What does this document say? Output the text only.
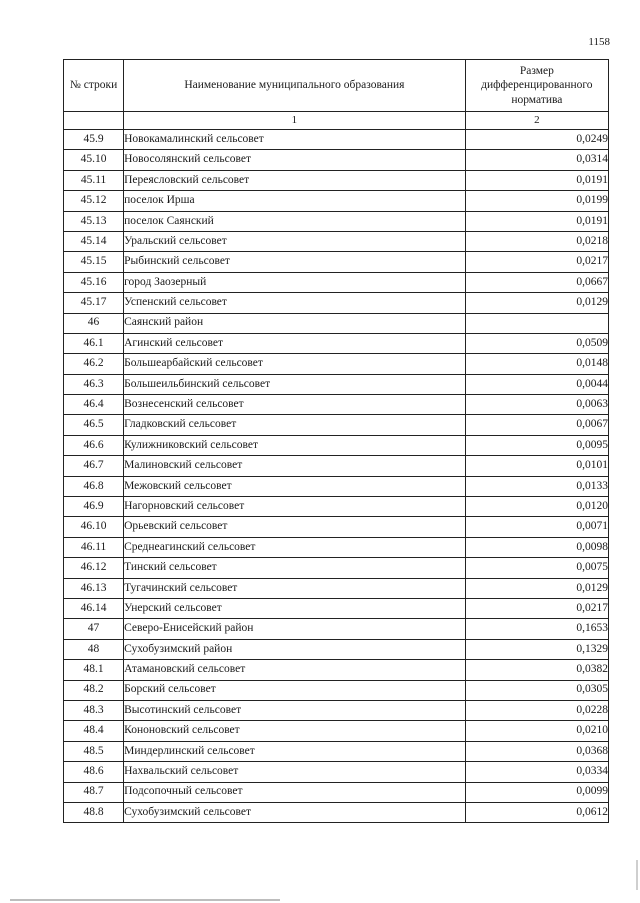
1158
№ строки	Наименование муниципального образования	Размер дифференцированного норматива
	1	2
45.9	Новокамалинский сельсовет	0,0249
45.10	Новосолянский сельсовет	0,0314
45.11	Переясловский сельсовет	0,0191
45.12	поселок Ирша	0,0199
45.13	поселок Саянский	0,0191
45.14	Уральский сельсовет	0,0218
45.15	Рыбинский сельсовет	0,0217
45.16	город Заозерный	0,0667
45.17	Успенский сельсовет	0,0129
46	Саянский район	
46.1	Агинский сельсовет	0,0509
46.2	Большеарбайский сельсовет	0,0148
46.3	Большеильбинский сельсовет	0,0044
46.4	Вознесенский сельсовет	0,0063
46.5	Гладковский сельсовет	0,0067
46.6	Кулижниковский сельсовет	0,0095
46.7	Малиновский сельсовет	0,0101
46.8	Межовский сельсовет	0,0133
46.9	Нагорновский сельсовет	0,0120
46.10	Орьевский сельсовет	0,0071
46.11	Среднеагинский сельсовет	0,0098
46.12	Тинский сельсовет	0,0075
46.13	Тугачинский сельсовет	0,0129
46.14	Унерский сельсовет	0,0217
47	Северо-Енисейский район	0,1653
48	Сухобузимский район	0,1329
48.1	Атамановский сельсовет	0,0382
48.2	Борский сельсовет	0,0305
48.3	Высотинский сельсовет	0,0228
48.4	Кононовский сельсовет	0,0210
48.5	Миндерлинский сельсовет	0,0368
48.6	Нахвальский сельсовет	0,0334
48.7	Подсопочный сельсовет	0,0099
48.8	Сухобузимский сельсовет	0,0612
